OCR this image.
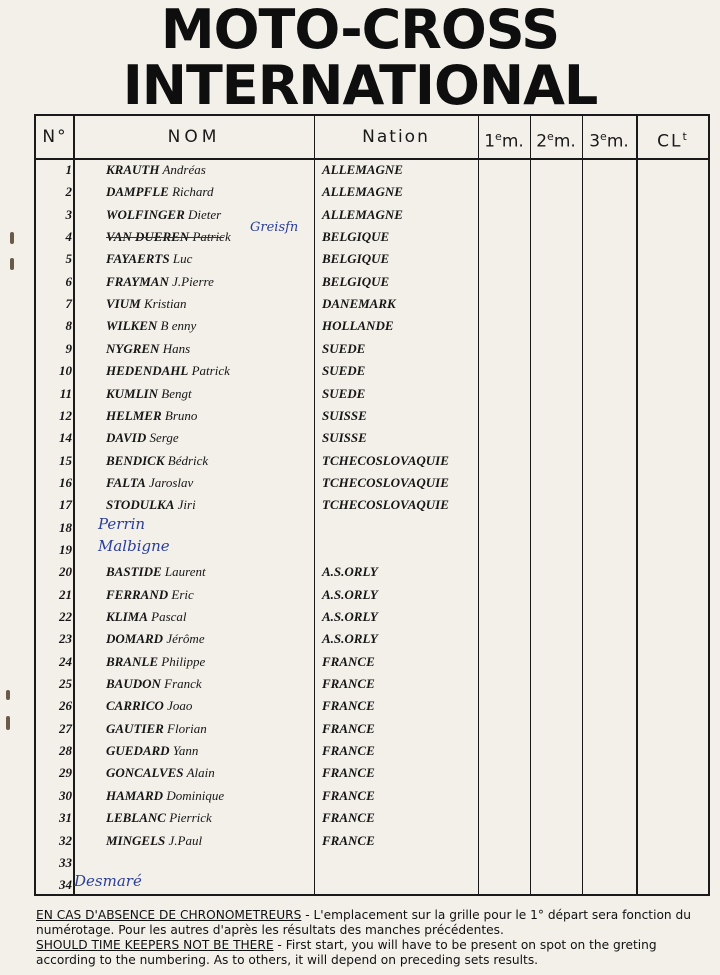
MOTO-CROSS
INTERNATIONAL
N°	NOM	Nation	1em. 2em. 3em.	$CL^t$
1	KRAUTH Andréas	ALLEMAGNE
2	DAMPFLE Richard	ALLEMAGNE
3	WOLFINGER Dieter	ALLEMAGNE
4	VAN DUEREN Patrick	BELGIQUE
Greisfn
5	FAYAERTS Luc	BELGIQUE
6	FRAYMAN J.Pierre	BELGIQUE
7	VIUM Kristian	DANEMARK
8	WILKEN B enny	HOLLANDE
9	NYGREN Hans	SUEDE
10	HEDENDAHL Patrick	SUEDE
11	KUMLIN Bengt	SUEDE
12	HELMER Bruno	SUISSE
14	DAVID Serge	SUISSE
15	BENDICK Bédrick	TCHECOSLOVAQUIE
16	FALTA Jaroslav	TCHECOSLOVAQUIE
17	STODULKA Jiri	TCHECOSLOVAQUIE
18 Perrin
19 Malbigne
20	BASTIDE Laurent	A.S.ORLY
21	FERRAND Eric	A.S.ORLY
22	KLIMA Pascal	A.S.ORLY
23	DOMARD Jérôme	A.S.ORLY
24	BRANLE Philippe	FRANCE
25	BAUDON Franck	FRANCE
26	CARRICO Joao	FRANCE
27	GAUTIER Florian	FRANCE
28	GUEDARD Yann	FRANCE
29	GONCALVES Alain	FRANCE
30	HAMARD Dominique	FRANCE
31	LEBLANC Pierrick	FRANCE
32	MINGELS J.Paul	FRANCE
33
34 Desmaré

EN CAS D'ABSENCE DE CHRONOMETREURS - L'emplacement sur la grille pour le 1° départ sera fonction du numérotage. Pour les autres d'après les résultats des manches précédentes.

SHOULD TIME KEEPERS NOT BE THERE - First start, you will have to be present on spot on the greting according to the numbering. As to others, it will depend on preceding sets results.
